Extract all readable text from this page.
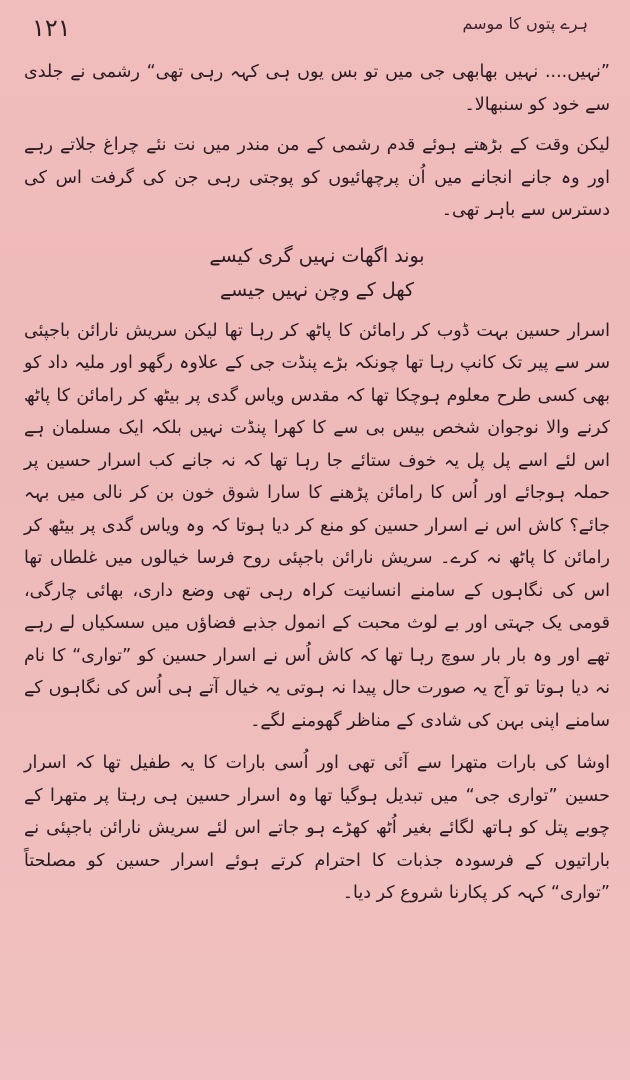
۱۲۱	ہرے پتوں کا موسم

”نہیں.... نہیں بھابھی جی میں تو بس یوں ہی کہہ رہی تھی“ رشمی نے جلدی سے خود کو سنبھالا۔

لیکن وقت کے بڑھتے ہوئے قدم رشمی کے من مندر میں نت نئے چراغ جلاتے رہے اور وہ جانے انجانے میں اُن پرچھائیوں کو پوجتی رہی جن کی گرفت اس کی دسترس سے باہر تھی۔

بوند اگھات نہیں گری کیسے
کھل کے وچن نہیں جیسے

اسرار حسین بہت ڈوب کر رامائن کا پاٹھ کر رہا تھا لیکن سریش نارائن باجپئی سر سے پیر تک کانپ رہا تھا چونکہ بڑے پنڈت جی کے علاوہ رگھو اور ملیہ داد کو بھی کسی طرح معلوم ہوچکا تھا کہ مقدس ویاس گدی پر بیٹھ کر رامائن کا پاٹھ کرنے والا نوجوان شخص بیس بی سے کا کھرا پنڈت نہیں بلکہ ایک مسلمان ہے اس لئے اسے پل پل یہ خوف ستائے جا رہا تھا کہ نہ جانے کب اسرار حسین پر حملہ ہوجائے اور اُس کا رامائن پڑھنے کا سارا شوق خون بن کر نالی میں بہہ جائے؟ کاش اس نے اسرار حسین کو منع کر دیا ہوتا کہ وہ ویاس گدی پر بیٹھ کر رامائن کا پاٹھ نہ کرے۔ سریش نارائن باجپئی روح فرسا خیالوں میں غلطاں تھا اس کی نگاہوں کے سامنے انسانیت کراہ رہی تھی وضع داری، بھائی چارگی، قومی یک جہتی اور بے لوث محبت کے انمول جذبے فضاؤں میں سسکیاں لے رہے تھے اور وہ بار بار سوچ رہا تھا کہ کاش اُس نے اسرار حسین کو ”تواری“ کا نام نہ دیا ہوتا تو آج یہ صورت حال پیدا نہ ہوتی یہ خیال آتے ہی اُس کی نگاہوں کے سامنے اپنی بہن کی شادی کے مناظر گھومنے لگے۔

اوشا کی بارات متھرا سے آئی تھی اور اُسی بارات کا یہ طفیل تھا کہ اسرار حسین ”تواری جی“ میں تبدیل ہوگیا تھا وہ اسرار حسین ہی رہتا پر متھرا کے چوبے پتل کو ہاتھ لگائے بغیر اُٹھ کھڑے ہو جاتے اس لئے سریش نارائن باجپئی نے باراتیوں کے فرسودہ جذبات کا احترام کرتے ہوئے اسرار حسین کو مصلحتاً ”تواری“ کہہ کر پکارنا شروع کر دیا۔
